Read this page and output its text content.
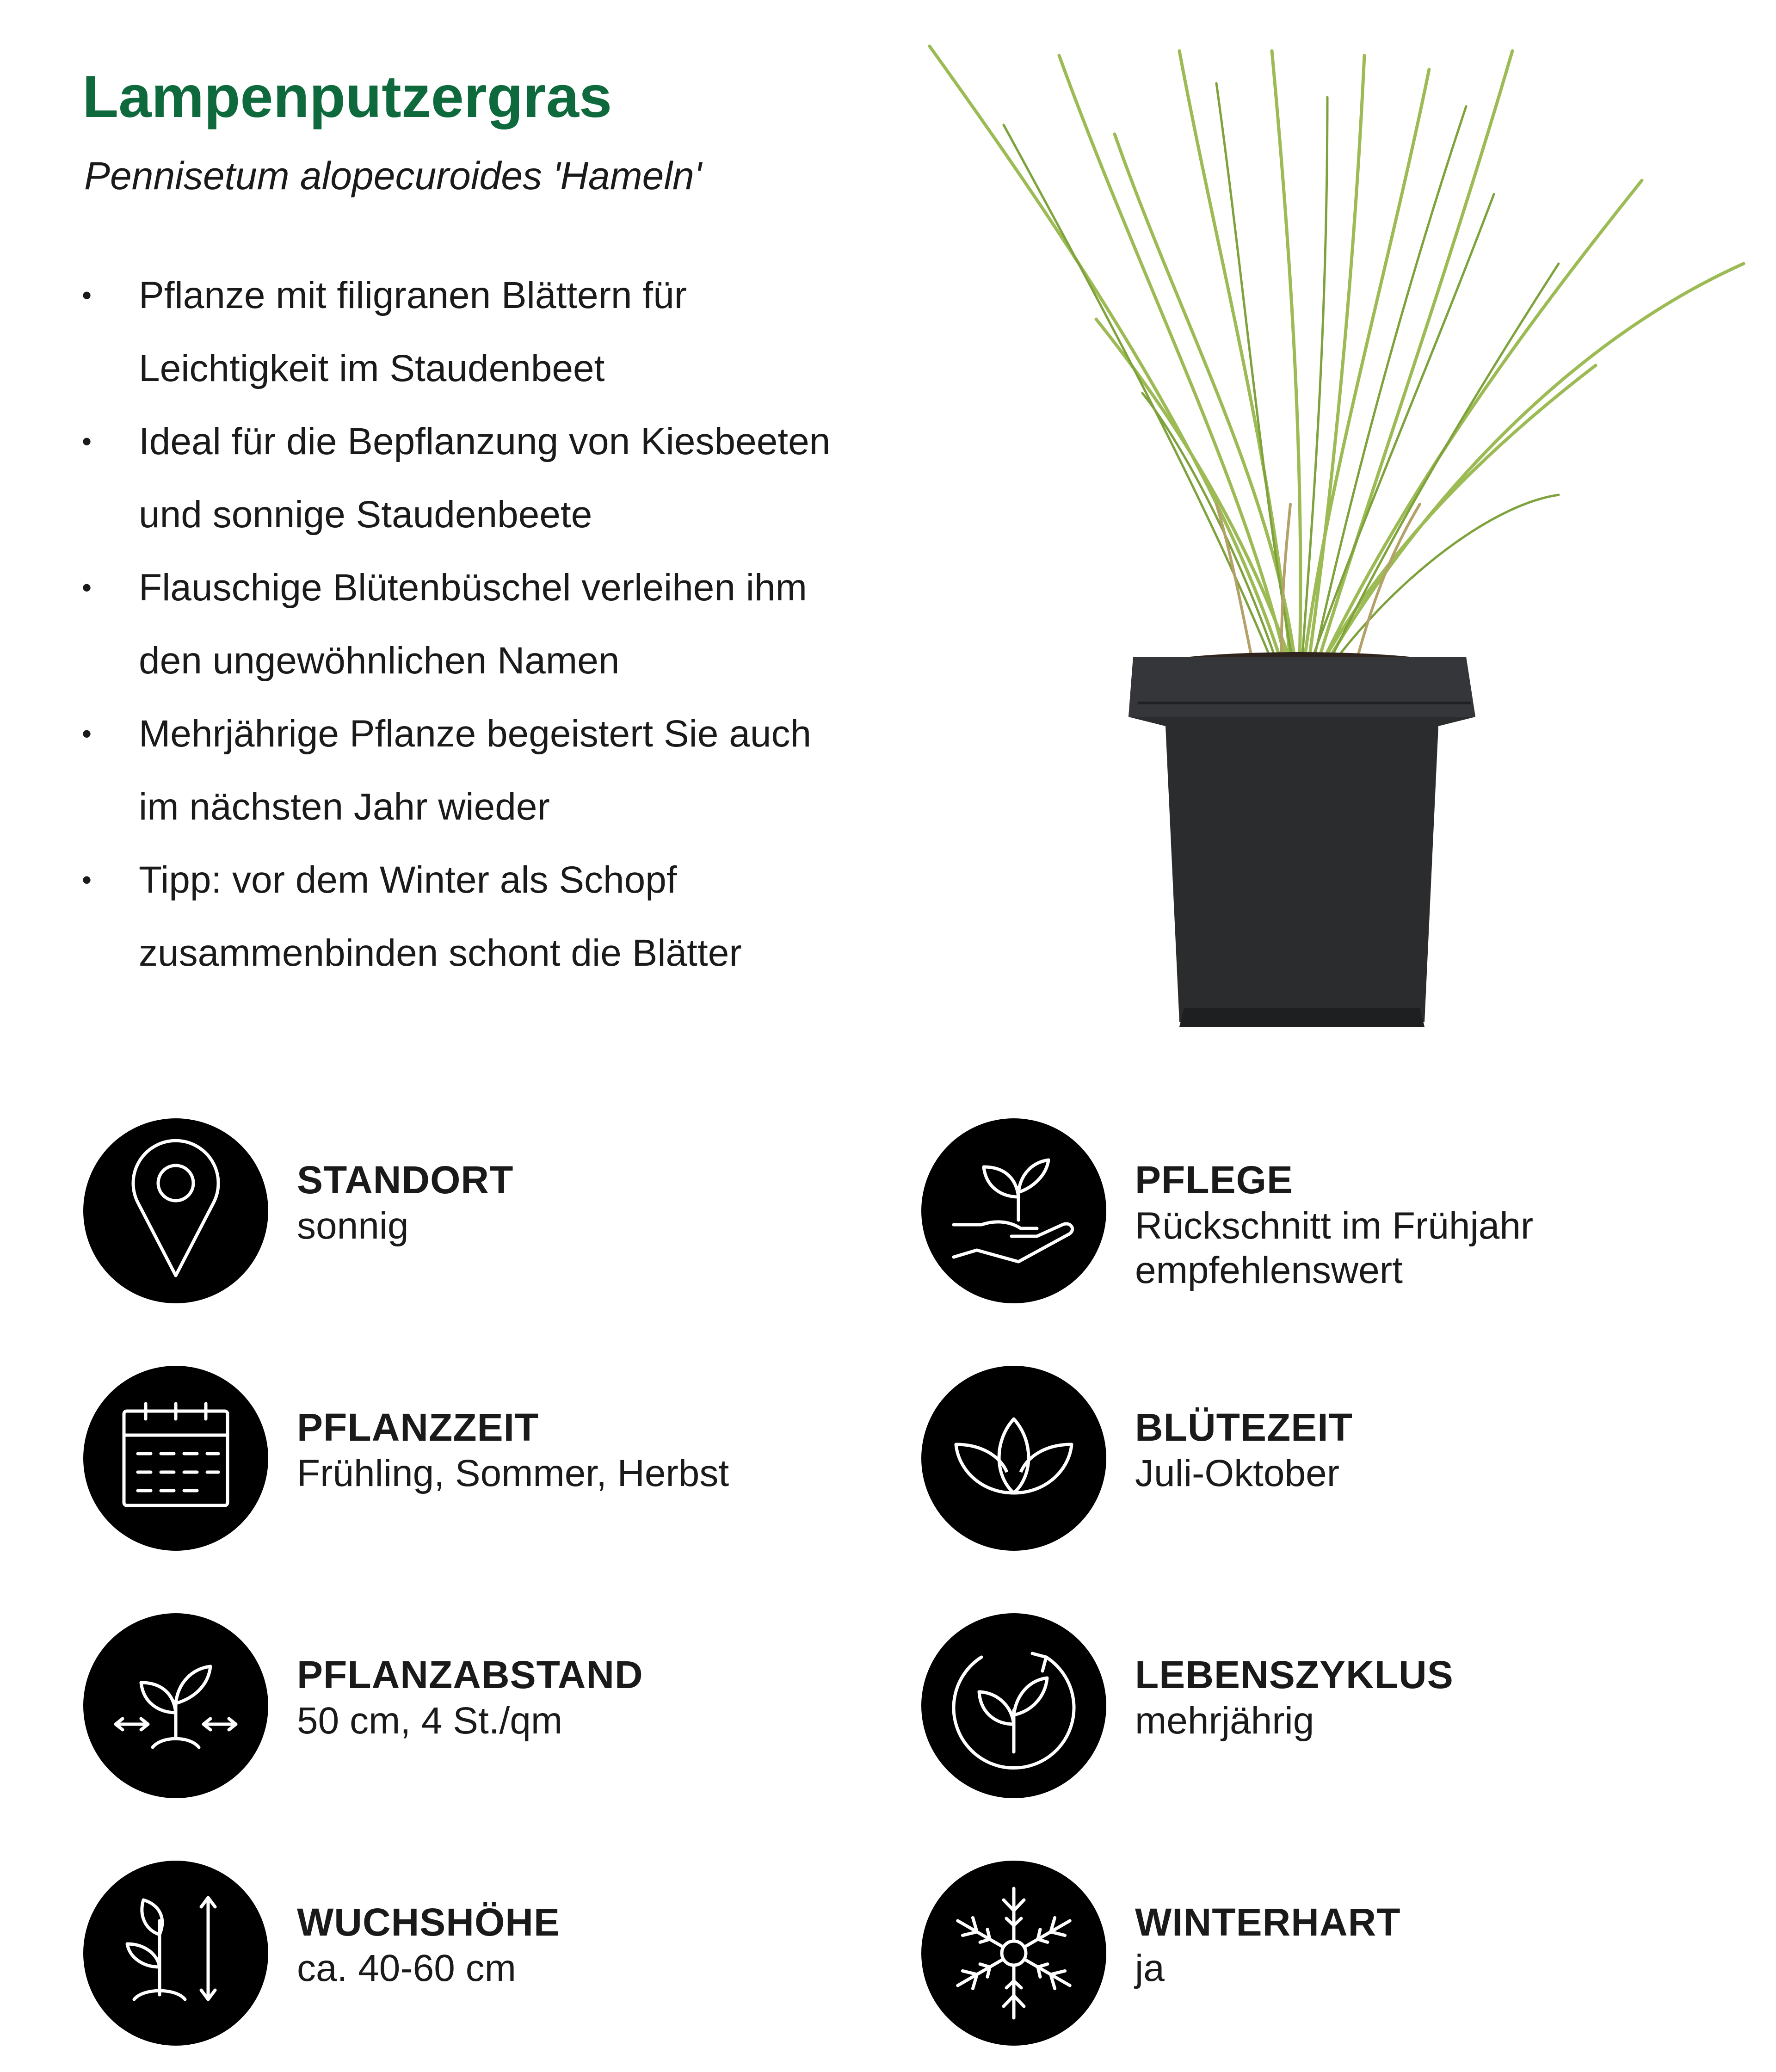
Lampenputzergras
Pennisetum alopecuroides 'Hameln'
• Pflanze mit filigranen Blättern für
Leichtigkeit im Staudenbeet
• Ideal für die Bepflanzung von Kiesbeeten
und sonnige Staudenbeete
• Flauschige Blütenbüschel verleihen ihm
den ungewöhnlichen Namen
• Mehrjährige Pflanze begeistert Sie auch
im nächsten Jahr wieder
• Tipp: vor dem Winter als Schopf
zusammenbinden schont die Blätter
STANDORT
sonnig
PFLEGE
Rückschnitt im Frühjahr empfehlenswert
PFLANZZEIT
Frühling, Sommer, Herbst
BLÜTEZEIT
Juli-Oktober
PFLANZABSTAND
50 cm, 4 St./qm
LEBENSZYKLUS
mehrjährig
WUCHSHÖHE
ca. 40-60 cm
WINTERHART
ja
